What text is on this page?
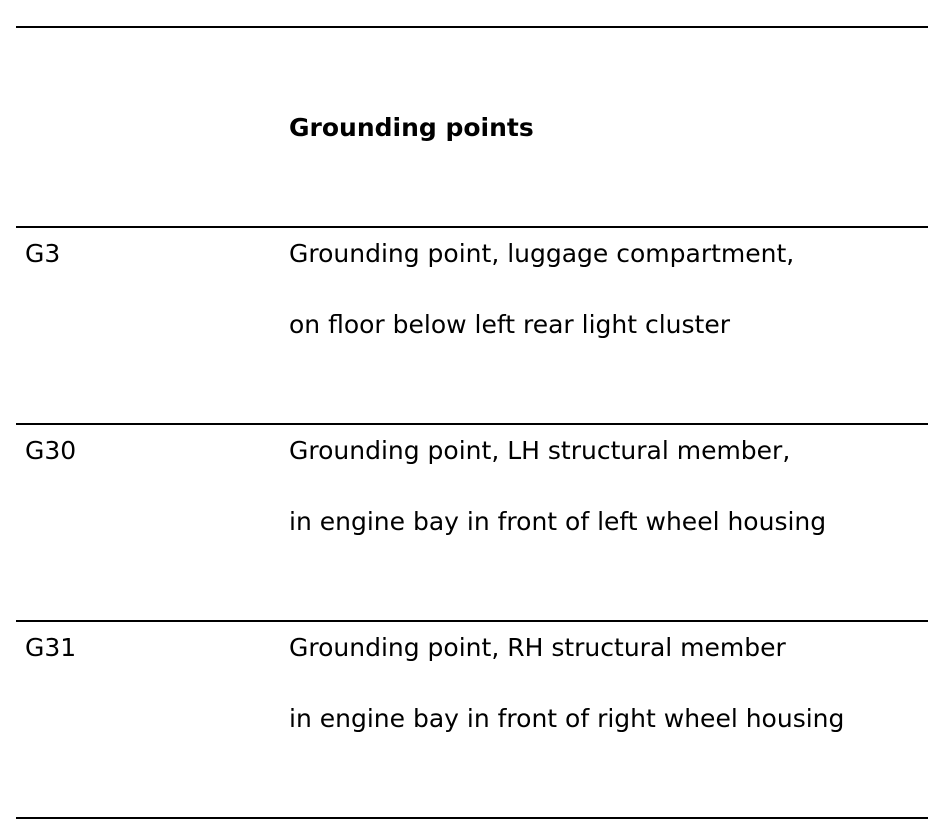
Grounding points
G3	Grounding point, luggage compartment,
on floor below left rear light cluster
G30	Grounding point, LH structural member,
in engine bay in front of left wheel housing
G31	Grounding point, RH structural member
in engine bay in front of right wheel housing
